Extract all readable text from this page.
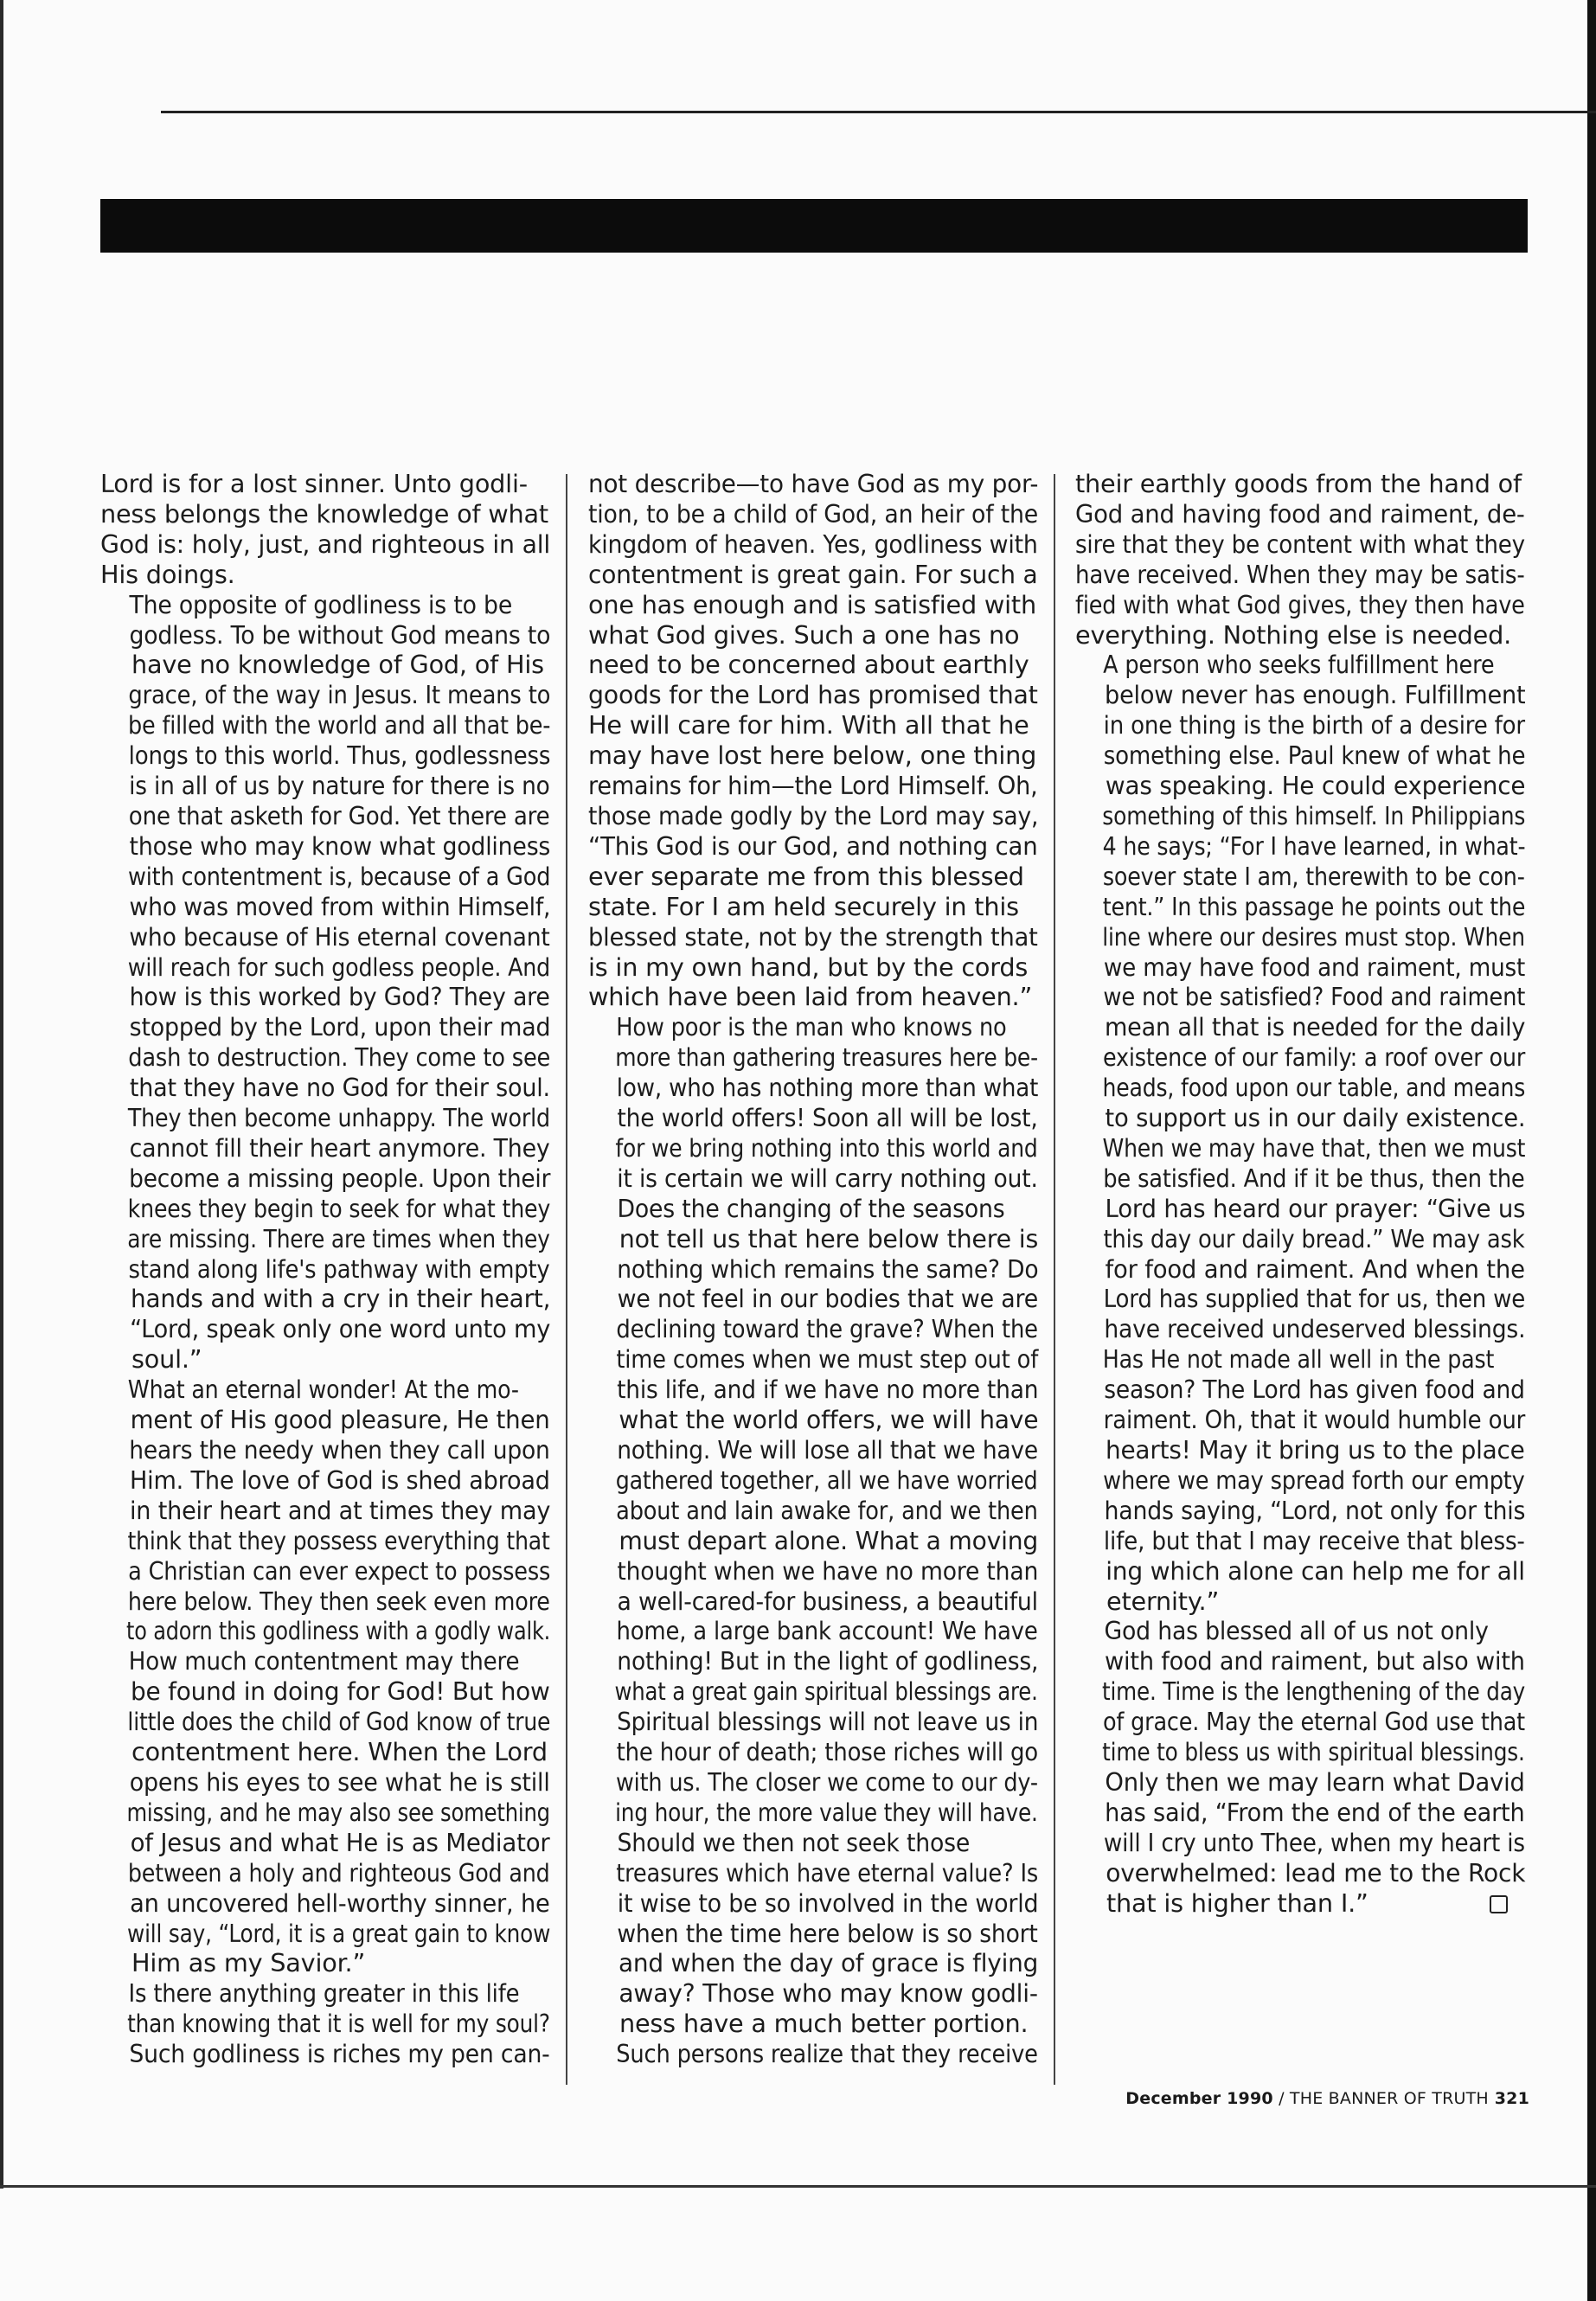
Lord is for a lost sinner. Unto godli-
ness belongs the knowledge of what
God is: holy, just, and righteous in all
His doings.

The opposite of godliness is to be
godless. To be without God means to
have no knowledge of God, of His
grace, of the way in Jesus. It means to
be filled with the world and all that be-
longs to this world. Thus, godlessness
is in all of us by nature for there is no
one that asketh for God. Yet there are
those who may know what godliness
with contentment is, because of a God
who was moved from within Himself,
who because of His eternal covenant
will reach for such godless people. And
how is this worked by God? They are
stopped by the Lord, upon their mad
dash to destruction. They come to see
that they have no God for their soul.
They then become unhappy. The world
cannot fill their heart anymore. They
become a missing people. Upon their
knees they begin to seek for what they
are missing. There are times when they
stand along life's pathway with empty
hands and with a cry in their heart,
“Lord, speak only one word unto my
soul.”

What an eternal wonder! At the mo-
ment of His good pleasure, He then
hears the needy when they call upon
Him. The love of God is shed abroad
in their heart and at times they may
think that they possess everything that
a Christian can ever expect to possess
here below. They then seek even more
to adorn this godliness with a godly walk.

How much contentment may there
be found in doing for God! But how
little does the child of God know of true
contentment here. When the Lord
opens his eyes to see what he is still
missing, and he may also see something
of Jesus and what He is as Mediator
between a holy and righteous God and
an uncovered hell-worthy sinner, he
will say, “Lord, it is a great gain to know
Him as my Savior.”

Is there anything greater in this life
than knowing that it is well for my soul?
Such godliness is riches my pen can-

not describe—to have God as my por-
tion, to be a child of God, an heir of the
kingdom of heaven. Yes, godliness with
contentment is great gain. For such a
one has enough and is satisfied with
what God gives. Such a one has no
need to be concerned about earthly
goods for the Lord has promised that
He will care for him. With all that he
may have lost here below, one thing
remains for him—the Lord Himself. Oh,
those made godly by the Lord may say,
“This God is our God, and nothing can
ever separate me from this blessed
state. For I am held securely in this
blessed state, not by the strength that
is in my own hand, but by the cords
which have been laid from heaven.”

How poor is the man who knows no
more than gathering treasures here be-
low, who has nothing more than what
the world offers! Soon all will be lost,
for we bring nothing into this world and
it is certain we will carry nothing out.

Does the changing of the seasons
not tell us that here below there is
nothing which remains the same? Do
we not feel in our bodies that we are
declining toward the grave? When the
time comes when we must step out of
this life, and if we have no more than
what the world offers, we will have
nothing. We will lose all that we have
gathered together, all we have worried
about and lain awake for, and we then
must depart alone. What a moving
thought when we have no more than
a well-cared-for business, a beautiful
home, a large bank account! We have
nothing! But in the light of godliness,
what a great gain spiritual blessings are.
Spiritual blessings will not leave us in
the hour of death; those riches will go
with us. The closer we come to our dy-
ing hour, the more value they will have.

Should we then not seek those
treasures which have eternal value? Is
it wise to be so involved in the world
when the time here below is so short
and when the day of grace is flying
away? Those who may know godli-
ness have a much better portion.
Such persons realize that they receive

their earthly goods from the hand of
God and having food and raiment, de-
sire that they be content with what they
have received. When they may be satis-
fied with what God gives, they then have
everything. Nothing else is needed.

A person who seeks fulfillment here
below never has enough. Fulfillment
in one thing is the birth of a desire for
something else. Paul knew of what he
was speaking. He could experience
something of this himself. In Philippians
4 he says; “For I have learned, in what-
soever state I am, therewith to be con-
tent.” In this passage he points out the
line where our desires must stop. When
we may have food and raiment, must
we not be satisfied? Food and raiment
mean all that is needed for the daily
existence of our family: a roof over our
heads, food upon our table, and means
to support us in our daily existence.
When we may have that, then we must
be satisfied. And if it be thus, then the
Lord has heard our prayer: “Give us
this day our daily bread.” We may ask
for food and raiment. And when the
Lord has supplied that for us, then we
have received undeserved blessings.

Has He not made all well in the past
season? The Lord has given food and
raiment. Oh, that it would humble our
hearts! May it bring us to the place
where we may spread forth our empty
hands saying, “Lord, not only for this
life, but that I may receive that bless-
ing which alone can help me for all
eternity.”

God has blessed all of us not only
with food and raiment, but also with
time. Time is the lengthening of the day
of grace. May the eternal God use that
time to bless us with spiritual blessings.
Only then we may learn what David
has said, “From the end of the earth
will I cry unto Thee, when my heart is
overwhelmed: lead me to the Rock
that is higher than I.”

December 1990 / THE BANNER OF TRUTH 321
